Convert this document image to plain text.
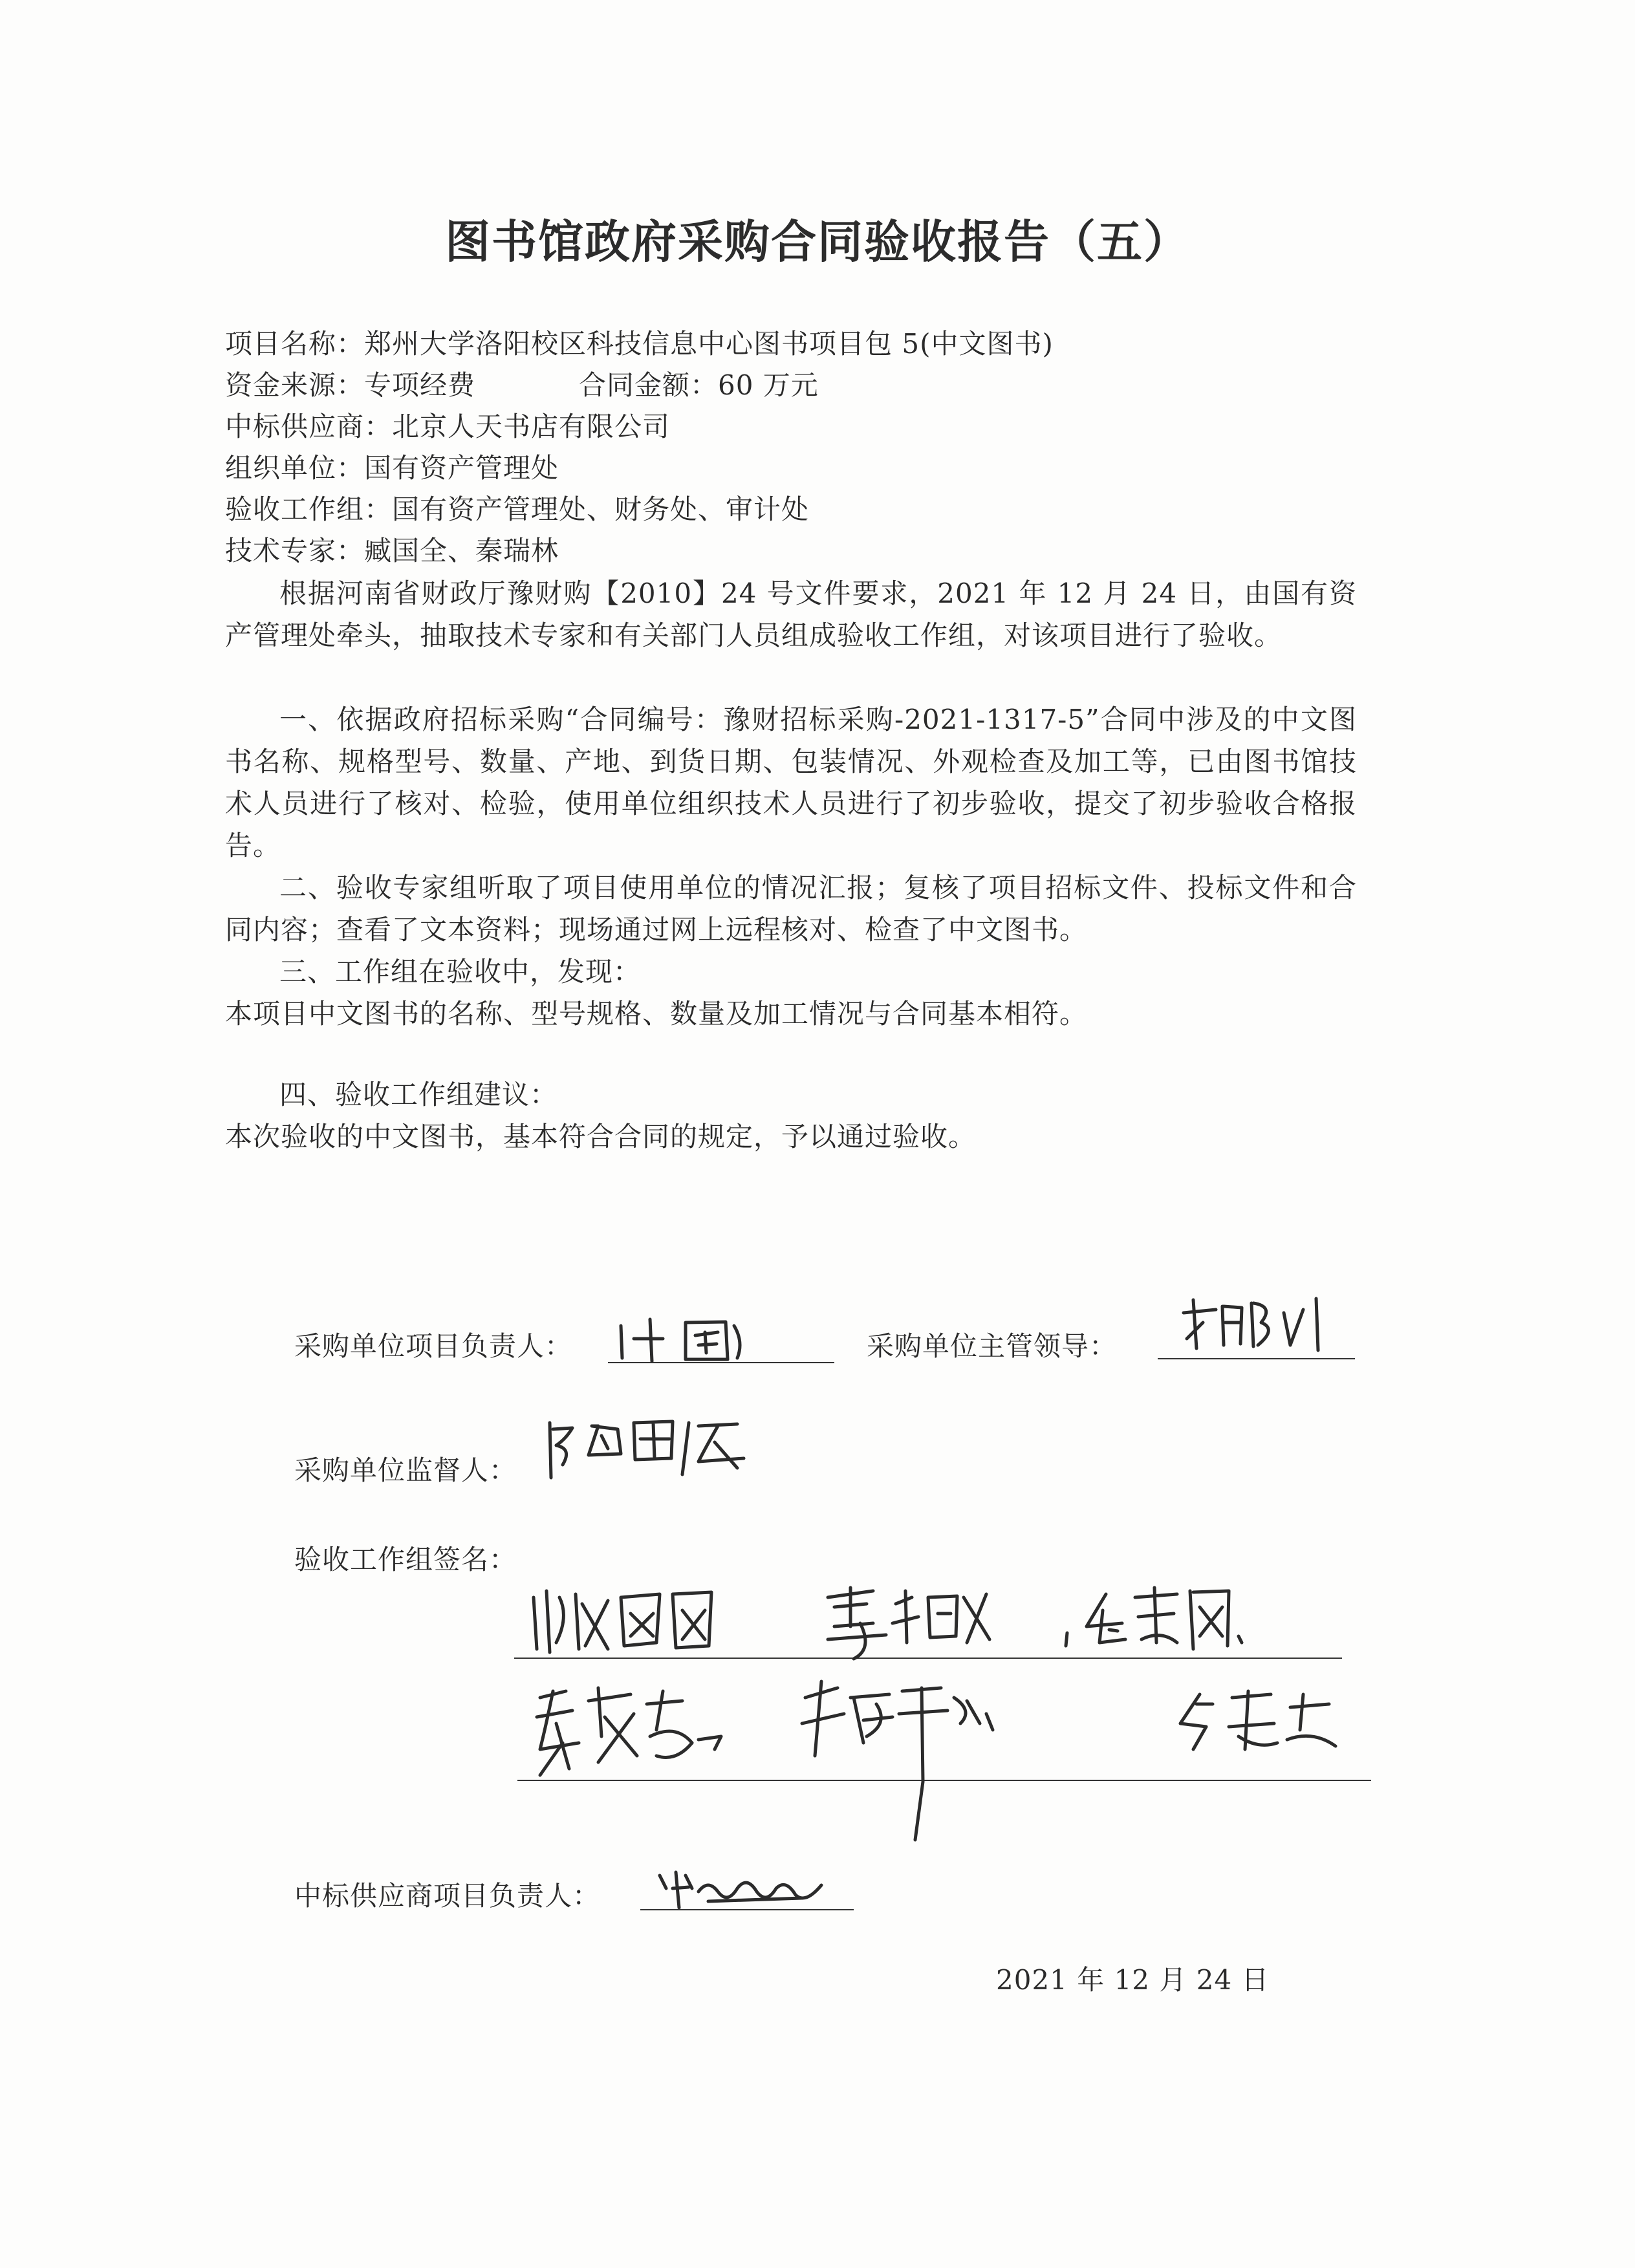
图书馆政府采购合同验收报告（五）
项目名称：郑州大学洛阳校区科技信息中心图书项目包 5(中文图书)
资金来源：专项经费	合同金额：60 万元
中标供应商：北京人天书店有限公司
组织单位：国有资产管理处
验收工作组：国有资产管理处、财务处、审计处
技术专家：臧国全、秦瑞林
根据河南省财政厅豫财购【2010】24 号文件要求，2021 年 12 月 24 日，由国有资产管理处牵头，抽取技术专家和有关部门人员组成验收工作组，对该项目进行了验收。
一、依据政府招标采购“合同编号：豫财招标采购-2021-1317-5”合同中涉及的中文图书名称、规格型号、数量、产地、到货日期、包装情况、外观检查及加工等，已由图书馆技术人员进行了核对、检验，使用单位组织技术人员进行了初步验收，提交了初步验收合格报告。
二、验收专家组听取了项目使用单位的情况汇报；复核了项目招标文件、投标文件和合同内容；查看了文本资料；现场通过网上远程核对、检查了中文图书。
三、工作组在验收中，发现：
本项目中文图书的名称、型号规格、数量及加工情况与合同基本相符。
四、验收工作组建议：
本次验收的中文图书，基本符合合同的规定，予以通过验收。
采购单位项目负责人：	采购单位主管领导：
采购单位监督人：
验收工作组签名：
中标供应商项目负责人：
2021 年 12 月 24 日
